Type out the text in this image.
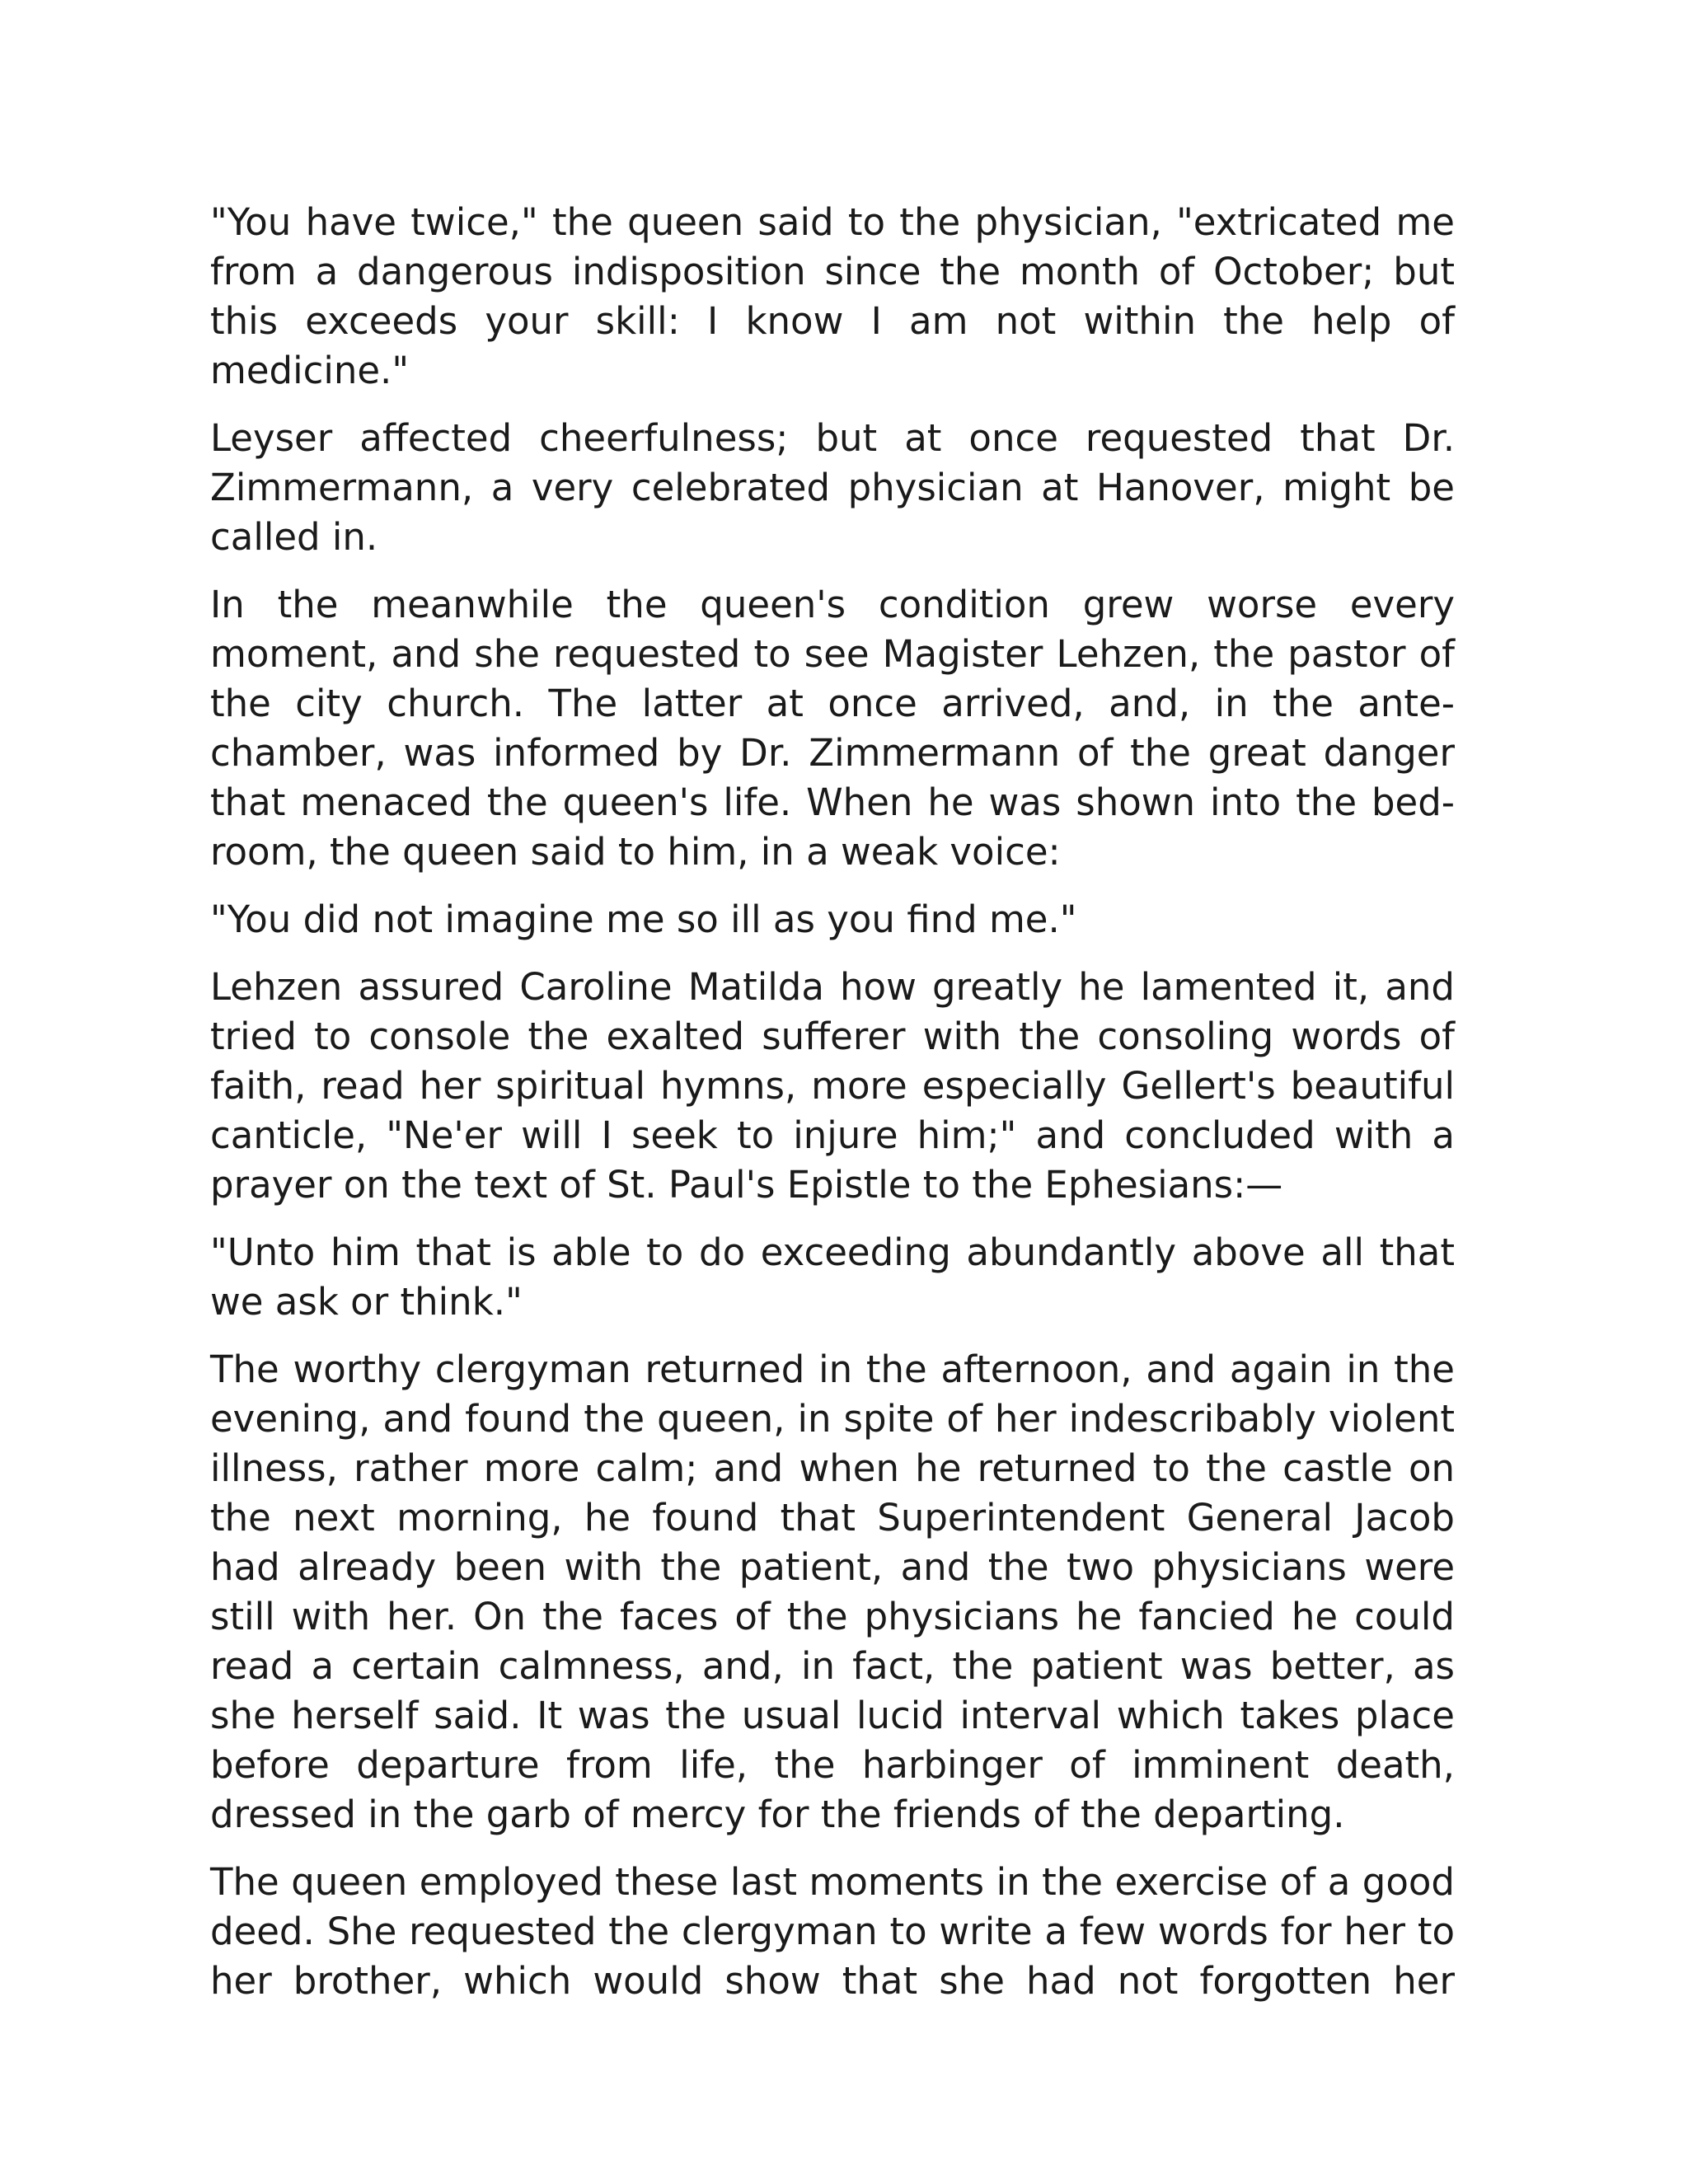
"You have twice," the queen said to the physician, "extricated me from a dangerous indisposition since the month of October; but this exceeds your skill: I know I am not within the help of medicine."

Leyser affected cheerfulness; but at once requested that Dr. Zimmermann, a very celebrated physician at Hanover, might be called in.

In the meanwhile the queen's condition grew worse every moment, and she requested to see Magister Lehzen, the pastor of the city church. The latter at once arrived, and, in the ante-chamber, was informed by Dr. Zimmermann of the great danger that menaced the queen's life. When he was shown into the bed-room, the queen said to him, in a weak voice:

"You did not imagine me so ill as you find me."

Lehzen assured Caroline Matilda how greatly he lamented it, and tried to console the exalted sufferer with the consoling words of faith, read her spiritual hymns, more especially Gellert's beautiful canticle, "Ne'er will I seek to injure him;" and concluded with a prayer on the text of St. Paul's Epistle to the Ephesians:—

"Unto him that is able to do exceeding abundantly above all that we ask or think."

The worthy clergyman returned in the afternoon, and again in the evening, and found the queen, in spite of her indescribably violent illness, rather more calm; and when he returned to the castle on the next morning, he found that Superintendent General Jacob had already been with the patient, and the two physicians were still with her. On the faces of the physicians he fancied he could read a certain calmness, and, in fact, the patient was better, as she herself said. It was the usual lucid interval which takes place before departure from life, the harbinger of imminent death, dressed in the garb of mercy for the friends of the departing.

The queen employed these last moments in the exercise of a good deed. She requested the clergyman to write a few words for her to her brother, which would show that she had not forgotten her
